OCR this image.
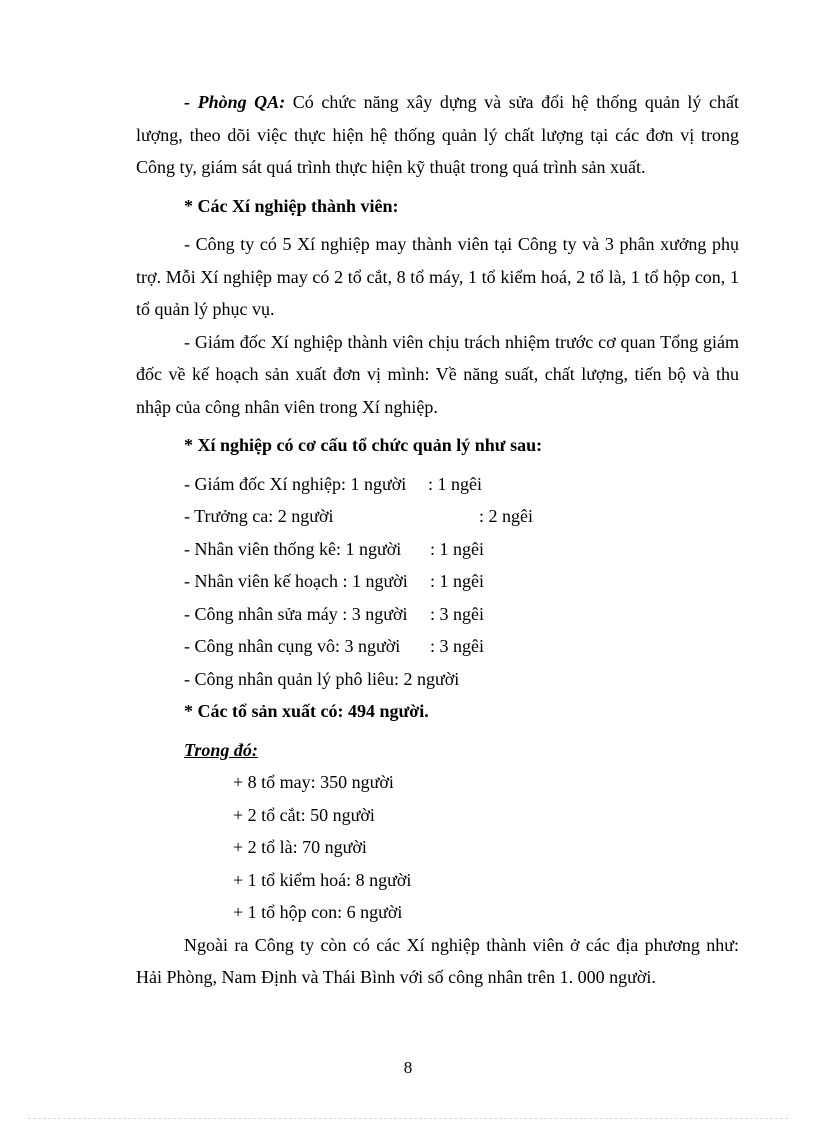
- Phòng QA: Có chức năng xây dựng và sửa đổi hệ thống quản lý chất lượng, theo dõi việc thực hiện hệ thống quản lý chất lượng tại các đơn vị trong Công ty, giám sát quá trình thực hiện kỹ thuật trong quá trình sản xuất.

* Các Xí nghiệp thành viên:

- Công ty có 5 Xí nghiệp may thành viên tại Công ty và 3 phân xưởng phụ trợ. Mỗi Xí nghiệp may có 2 tổ cắt, 8 tổ máy, 1 tổ kiểm hoá, 2 tổ là, 1 tổ hộp con, 1 tổ quản lý phục vụ.

- Giám đốc Xí nghiệp thành viên chịu trách nhiệm trước cơ quan Tổng giám đốc về kế hoạch sản xuất đơn vị mình: Về năng suất, chất lượng, tiến bộ và thu nhập của công nhân viên trong Xí nghiệp.

* Xí nghiệp có cơ cấu tổ chức quản lý như sau:

- Giám đốc Xí nghiệp: 1 người : 1 ngêi
- Trưởng ca: 2 người	: 2 ngêi
- Nhân viên thống kê: 1 người : 1 ngêi
- Nhân viên kế hoạch : 1 người : 1 ngêi
- Công nhân sửa máy : 3 người : 3 ngêi
- Công nhân cụng vô: 3 người : 3 ngêi
- Công nhân quản lý phô liêu: 2 người

* Các tổ sản xuất có: 494 người.

Trong đó:

+ 8 tổ may: 350 người
+ 2 tổ cắt: 50 người
+ 2 tổ là: 70 người
+ 1 tổ kiểm hoá: 8 người
+ 1 tổ hộp con: 6 người

Ngoài ra Công ty còn có các Xí nghiệp thành viên ở các địa phương như: Hải Phòng, Nam Định và Thái Bình với số công nhân trên 1. 000 người.

8
